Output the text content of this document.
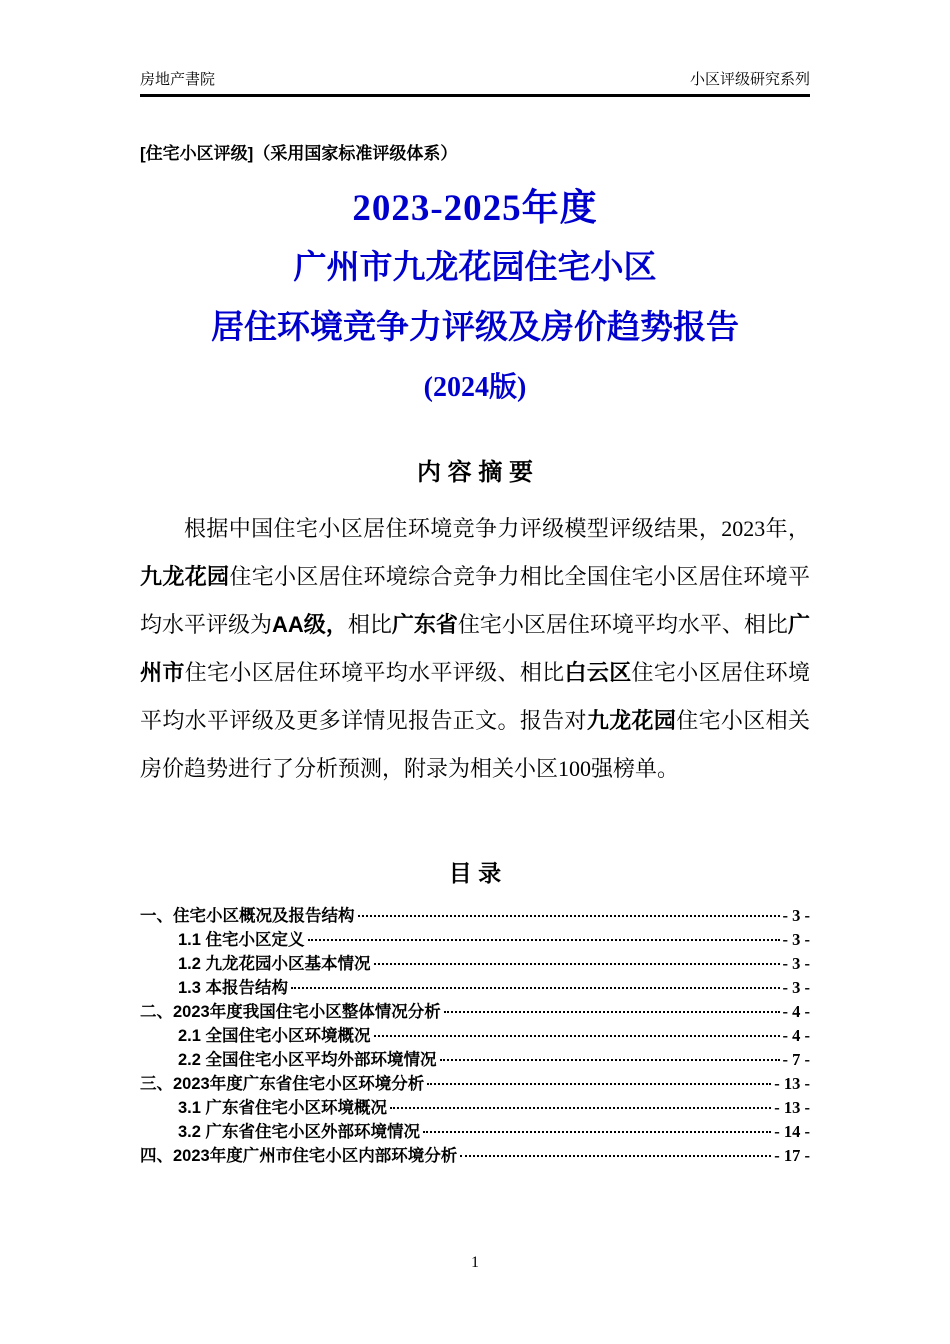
房地产書院	小区评级研究系列
[住宅小区评级]（采用国家标准评级体系）
2023-2025年度
广州市九龙花园住宅小区
居住环境竞争力评级及房价趋势报告
(2024版)
内 容 摘 要
根据中国住宅小区居住环境竞争力评级模型评级结果，2023年，九龙花园住宅小区居住环境综合竞争力相比全国住宅小区居住环境平均水平评级为AA级，相比广东省住宅小区居住环境平均水平、相比广州市住宅小区居住环境平均水平评级、相比白云区住宅小区居住环境平均水平评级及更多详情见报告正文。报告对九龙花园住宅小区相关房价趋势进行了分析预测，附录为相关小区100强榜单。
目 录
一、住宅小区概况及报告结构	- 3 -
1.1 住宅小区定义	- 3 -
1.2 九龙花园小区基本情况	- 3 -
1.3 本报告结构	- 3 -
二、2023年度我国住宅小区整体情况分析	- 4 -
2.1 全国住宅小区环境概况	- 4 -
2.2 全国住宅小区平均外部环境情况	- 7 -
三、2023年度广东省住宅小区环境分析	- 13 -
3.1 广东省住宅小区环境概况	- 13 -
3.2 广东省住宅小区外部环境情况	- 14 -
四、2023年度广州市住宅小区内部环境分析	- 17 -
1
